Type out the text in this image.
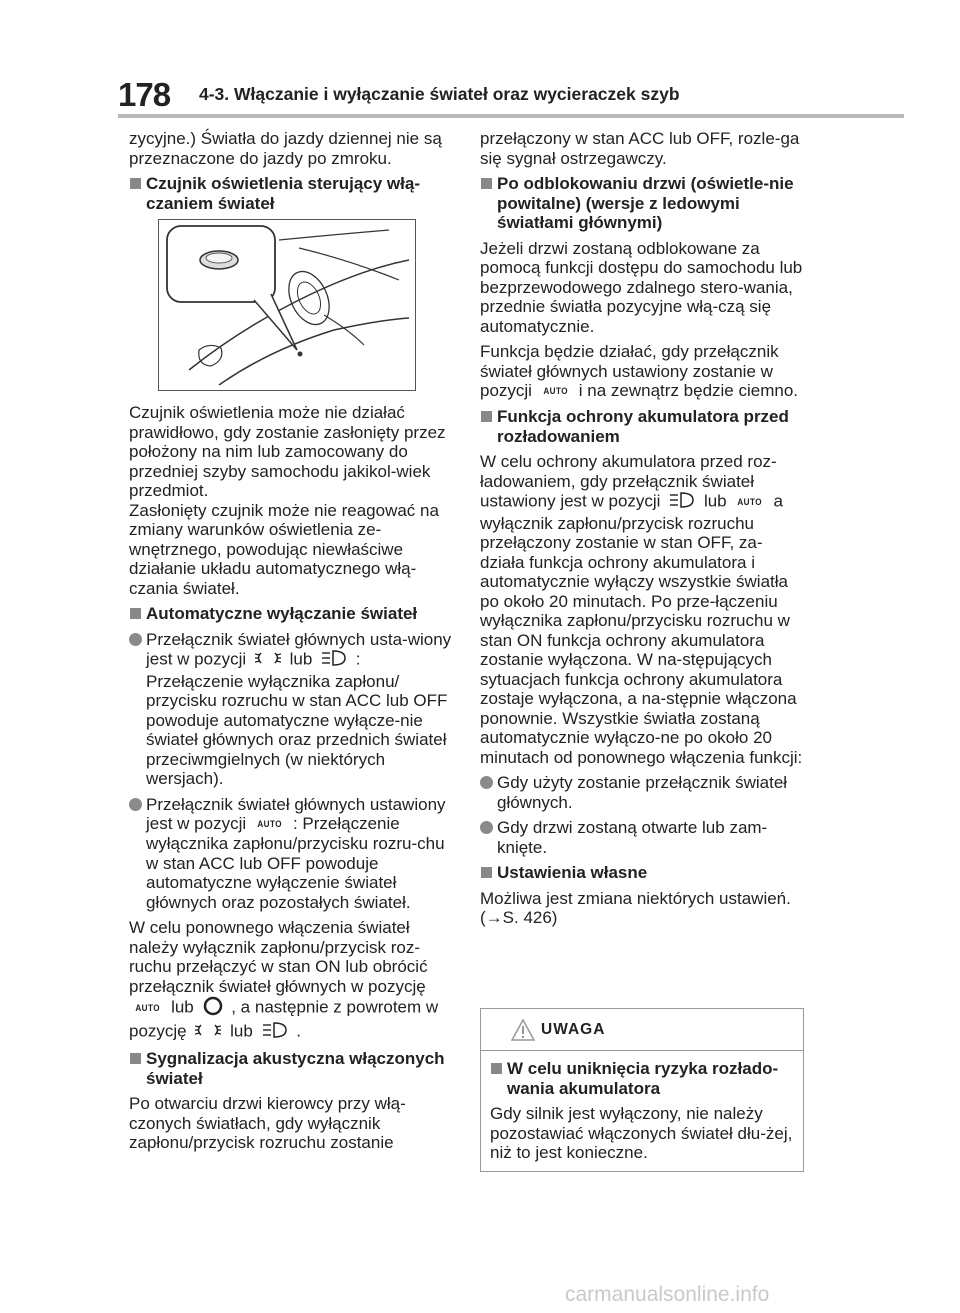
178 4-3. Włączanie i wyłączanie świateł oraz wycieraczek szyb

zycyjne.) Światła do jazdy dziennej nie są przeznaczone do jazdy po zmroku.

Czujnik oświetlenia sterujący włą-czaniem świateł

Czujnik oświetlenia może nie działać prawidłowo, gdy zostanie zasłonięty przez położony na nim lub zamocowany do przedniej szyby samochodu jakikol-wiek przedmiot.

Zasłonięty czujnik może nie reagować na zmiany warunków oświetlenia ze-wnętrznego, powodując niewłaściwe działanie układu automatycznego włą-czania świateł.

Automatyczne wyłączanie świateł
Przełącznik świateł głównych usta-wiony jest w pozycji	lub	: Przełączenie wyłącznika zapłonu/ przycisku rozruchu w stan ACC lub OFF powoduje automatyczne wyłącze-nie świateł głównych oraz przednich świateł przeciwmgielnych (w niektórych wersjach).
Przełącznik świateł głównych ustawiony jest w pozycji AUTO : Przełączenie wyłącznika zapłonu/przycisku rozru-chu w stan ACC lub OFF powoduje automatyczne wyłączenie świateł głównych oraz pozostałych świateł.

W celu ponownego włączenia świateł należy wyłącznik zapłonu/przycisk roz-ruchu przełączyć w stan ON lub obrócić przełącznik świateł głównych w pozycję AUTO lub , a następnie z powrotem w pozycję	lub	.

Sygnalizacja akustyczna włączonych świateł

Po otwarciu drzwi kierowcy przy włą-czonych światłach, gdy wyłącznik zapłonu/przycisk rozruchu zostanie

przełączony w stan ACC lub OFF, rozle-ga się sygnał ostrzegawczy.

Po odblokowaniu drzwi (oświetle-nie powitalne) (wersje z ledowymi światłami głównymi)

Jeżeli drzwi zostaną odblokowane za pomocą funkcji dostępu do samochodu lub bezprzewodowego zdalnego stero-wania, przednie światła pozycyjne włą-czą się automatycznie.

Funkcja będzie działać, gdy przełącznik świateł głównych ustawiony zostanie w pozycji AUTO i na zewnątrz będzie ciemno.

Funkcja ochrony akumulatora przed rozładowaniem

W celu ochrony akumulatora przed roz-ładowaniem, gdy przełącznik świateł ustawiony jest w pozycji	lub AUTO a wyłącznik zapłonu/przycisk rozruchu przełączony zostanie w stan OFF, za-działa funkcja ochrony akumulatora i automatycznie wyłączy wszystkie światła po około 20 minutach. Po prze-łączeniu wyłącznika zapłonu/przycisku rozruchu w stan ON funkcja ochrony akumulatora zostanie wyłączona. W na-stępujących sytuacjach funkcja ochrony akumulatora zostaje wyłączona, a na-stępnie włączona ponownie. Wszystkie światła zostaną automatycznie wyłączo-ne po około 20 minutach od ponownego włączenia funkcji:

Gdy użyty zostanie przełącznik świateł głównych.
Gdy drzwi zostaną otwarte lub zam-knięte.
Ustawienia własne

Możliwa jest zmiana niektórych ustawień. (→S. 426)

UWAGA
W celu uniknięcia ryzyka rozłado-wania akumulatora

Gdy silnik jest wyłączony, nie należy pozostawiać włączonych świateł dłu-żej, niż to jest konieczne.

carmanualsonline.info
